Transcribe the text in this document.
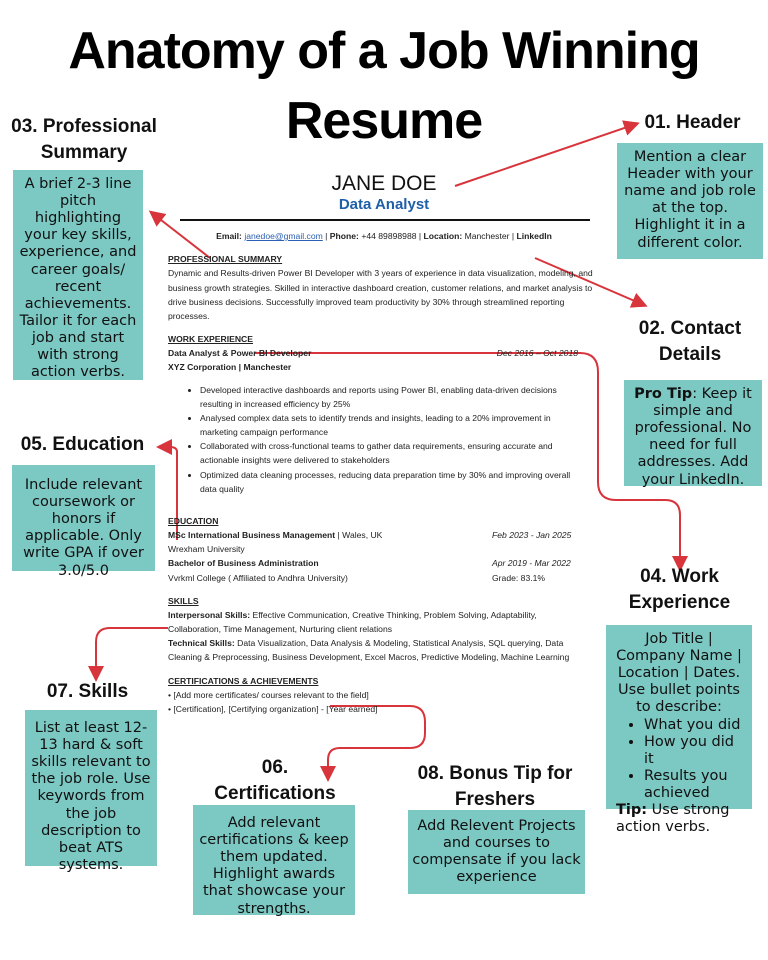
Anatomy of a Job Winning
Resume
JANE DOE
Data Analyst
Email: janedoe@gmail.com | Phone: +44 89898988 | Location: Manchester | LinkedIn
PROFESSIONAL SUMMARY
Dynamic and Results-driven Power BI Developer with 3 years of experience in data visualization, modeling, and business growth strategies. Skilled in interactive dashboard creation, customer relations, and market analysis to drive business decisions. Successfully improved team productivity by 30% through streamlined reporting processes.
WORK EXPERIENCE
Data Analyst & Power BI Developer	Dec 2016 – Oct 2018
XYZ Corporation | Manchester
• Developed interactive dashboards and reports using Power BI, enabling data-driven decisions resulting in increased efficiency by 25%
• Analysed complex data sets to identify trends and insights, leading to a 20% improvement in marketing campaign performance
• Collaborated with cross-functional teams to gather data requirements, ensuring accurate and actionable insights were delivered to stakeholders
• Optimized data cleaning processes, reducing data preparation time by 30% and improving overall data quality
EDUCATION
MSc International Business Management | Wales, UK	Feb 2023 - Jan 2025
Wrexham University
Bachelor of Business Administration	Apr 2019 - Mar 2022
Vvrkml College ( Affiliated to Andhra University)	Grade: 83.1%
SKILLS
Interpersonal Skills: Effective Communication, Creative Thinking, Problem Solving, Adaptability, Collaboration, Time Management, Nurturing client relations
Technical Skills: Data Visualization, Data Analysis & Modeling, Statistical Analysis, SQL querying, Data Cleaning & Preprocessing, Business Development, Excel Macros, Predictive Modeling, Machine Learning
CERTIFICATIONS & ACHIEVEMENTS
• [Add more certificates/ courses relevant to the field]
• [Certification], [Certifying organization] - [Year earned]
03. Professional Summary
A brief 2-3 line pitch highlighting your key skills, experience, and career goals/ recent achievements. Tailor it for each job and start with strong action verbs.
01. Header
Mention a clear Header with your name and job role at the top. Highlight it in a different color.
02. Contact Details
Pro Tip: Keep it simple and professional. No need for full addresses. Add your LinkedIn.
05. Education
Include relevant coursework or honors if applicable. Only write GPA if over 3.0/5.0	04. Work Experience
Job Title | Company Name | Location | Dates. Use bullet points to describe:
• What you did
• How you did it
• Results you achieved
Tip: Use strong action verbs.
07. Skills
List at least 12-13 hard & soft skills relevant to the job role. Use keywords from the job description to beat ATS systems.
06. Certifications
Add relevant certifications & keep them updated. Highlight awards that showcase your strengths.
08. Bonus Tip for Freshers
Add Relevent Projects and courses to compensate if you lack experience
